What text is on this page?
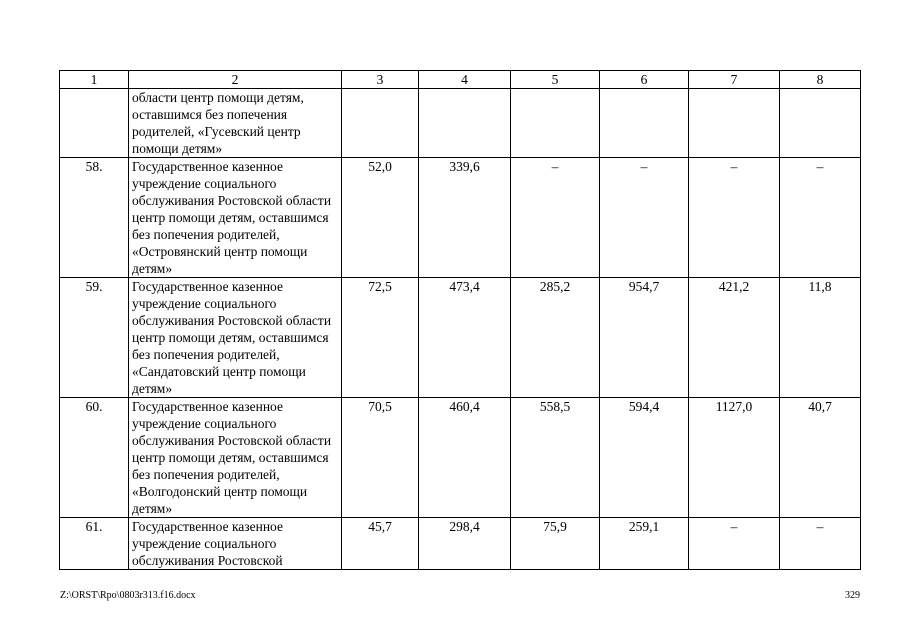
1	2	3	4	5	6	7	8
	области центр помощи детям, оставшимся без попечения родителей, «Гусевский центр помощи детям»						
58.	Государственное казенное учреждение социального обслуживания Ростовской области центр помощи детям, оставшимся без попечения родителей, «Островянский центр помощи детям»	52,0	339,6	–	–	–	–
59.	Государственное казенное учреждение социального обслуживания Ростовской области центр помощи детям, оставшимся без попечения родителей, «Сандатовский центр помощи детям»	72,5	473,4	285,2	954,7	421,2	11,8
60.	Государственное казенное учреждение социального обслуживания Ростовской области центр помощи детям, оставшимся без попечения родителей, «Волгодонский центр помощи детям»	70,5	460,4	558,5	594,4	1127,0	40,7
61.	Государственное казенное учреждение социального обслуживания Ростовской	45,7	298,4	75,9	259,1	–	–
Z:\ORST\Rpo\0803r313.f16.docx	329
